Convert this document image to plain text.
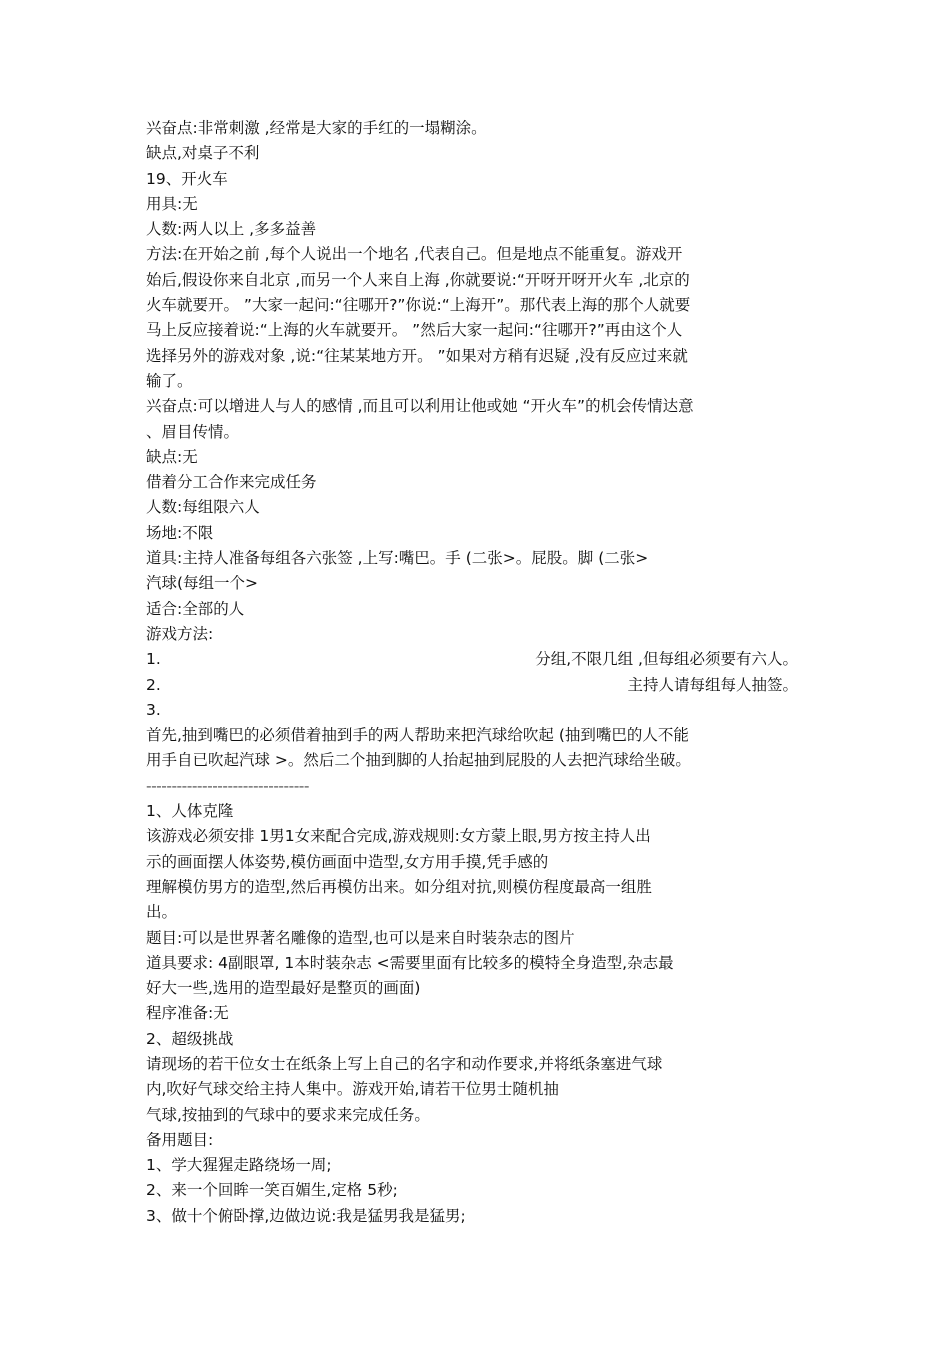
兴奋点:非常刺激 ,经常是大家的手红的一塌糊涂。
缺点,对桌子不利
19、开火车
用具:无
人数:两人以上 ,多多益善
方法:在开始之前 ,每个人说出一个地名 ,代表自己。但是地点不能重复。游戏开
始后,假设你来自北京 ,而另一个人来自上海 ,你就要说:“开呀开呀开火车 ,北京的
火车就要开。 ”大家一起问:“往哪开?”你说:“上海开”。那代表上海的那个人就要
马上反应接着说:“上海的火车就要开。 ”然后大家一起问:“往哪开?”再由这个人
选择另外的游戏对象 ,说:“往某某地方开。 ”如果对方稍有迟疑 ,没有反应过来就
输了。
兴奋点:可以增进人与人的感情 ,而且可以利用让他或她 “开火车”的机会传情达意
、眉目传情。
缺点:无
借着分工合作来完成任务
人数:每组限六人
场地:不限
道具:主持人准备每组各六张签 ,上写:嘴巴。手 (二张>。屁股。脚 (二张>
汽球(每组一个>
适合:全部的人
游戏方法:
1.	分组,不限几组 ,但每组必须要有六人。
2.	主持人请每组每人抽签。
3.
首先,抽到嘴巴的必须借着抽到手的两人帮助来把汽球给吹起 (抽到嘴巴的人不能
用手自已吹起汽球 >。然后二个抽到脚的人抬起抽到屁股的人去把汽球给坐破。
--------------------------------
1、人体克隆
该游戏必须安排 1男1女来配合完成,游戏规则:女方蒙上眼,男方按主持人出
示的画面摆人体姿势,模仿画面中造型,女方用手摸,凭手感的
理解模仿男方的造型,然后再模仿出来。如分组对抗,则模仿程度最高一组胜
出。
题目:可以是世界著名雕像的造型,也可以是来自时装杂志的图片
道具要求: 4副眼罩, 1本时装杂志 <需要里面有比较多的模特全身造型,杂志最
好大一些,选用的造型最好是整页的画面)
程序准备:无
2、超级挑战
请现场的若干位女士在纸条上写上自己的名字和动作要求,并将纸条塞进气球
内,吹好气球交给主持人集中。游戏开始,请若干位男士随机抽
气球,按抽到的气球中的要求来完成任务。
备用题目:
1、学大猩猩走路绕场一周;
2、来一个回眸一笑百媚生,定格 5秒;
3、做十个俯卧撑,边做边说:我是猛男我是猛男;
